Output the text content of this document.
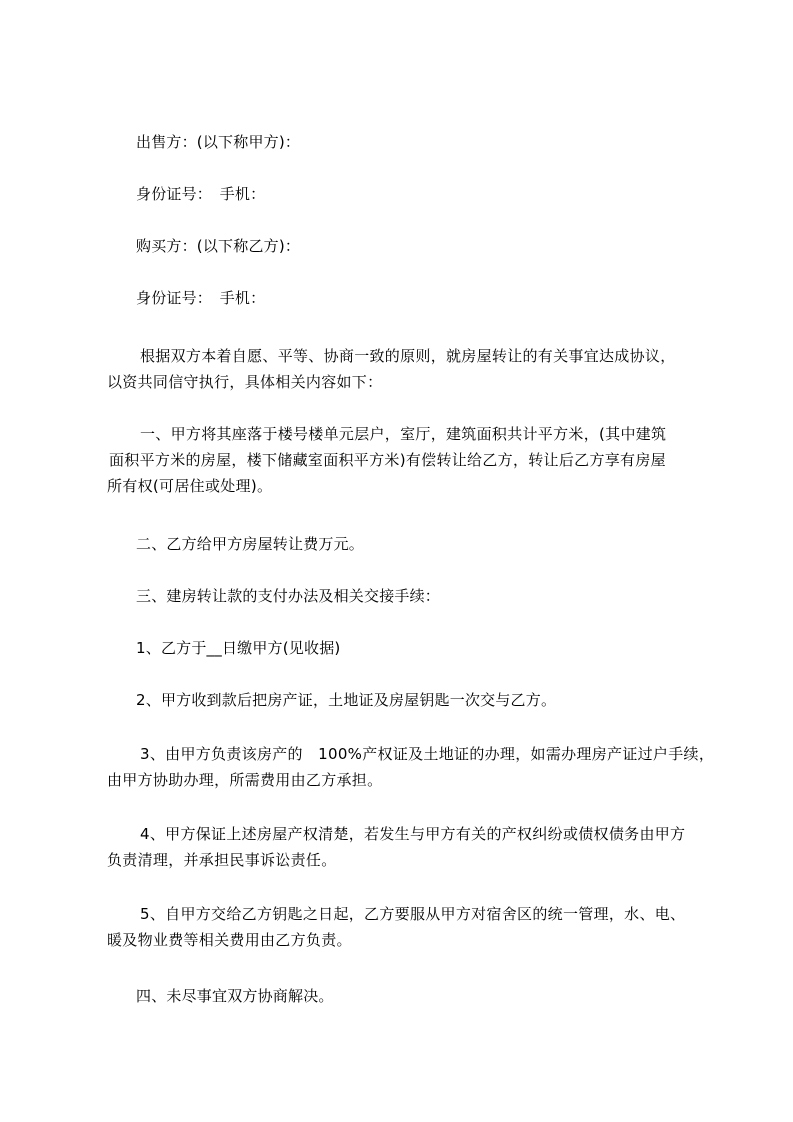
出售方：(以下称甲方)：
身份证号：　手机：
购买方：(以下称乙方)：
身份证号：　手机：
根据双方本着自愿、平等、协商一致的原则，就房屋转让的有关事宜达成协议，
以资共同信守执行，具体相关内容如下：
一、甲方将其座落于楼号楼单元层户，室厅，建筑面积共计平方米，(其中建筑
面积平方米的房屋，楼下储藏室面积平方米)有偿转让给乙方，转让后乙方享有房屋
所有权(可居住或处理)。
二、乙方给甲方房屋转让费万元。
三、建房转让款的支付办法及相关交接手续：
1、乙方于__日缴甲方(见收据)
2、甲方收到款后把房产证，土地证及房屋钥匙一次交与乙方。
3、由甲方负责该房产的　100%产权证及土地证的办理，如需办理房产证过户手续，
由甲方协助办理，所需费用由乙方承担。
4、甲方保证上述房屋产权清楚，若发生与甲方有关的产权纠纷或债权债务由甲方
负责清理，并承担民事诉讼责任。
5、自甲方交给乙方钥匙之日起，乙方要服从甲方对宿舍区的统一管理，水、电、
暖及物业费等相关费用由乙方负责。
四、未尽事宜双方协商解决。
